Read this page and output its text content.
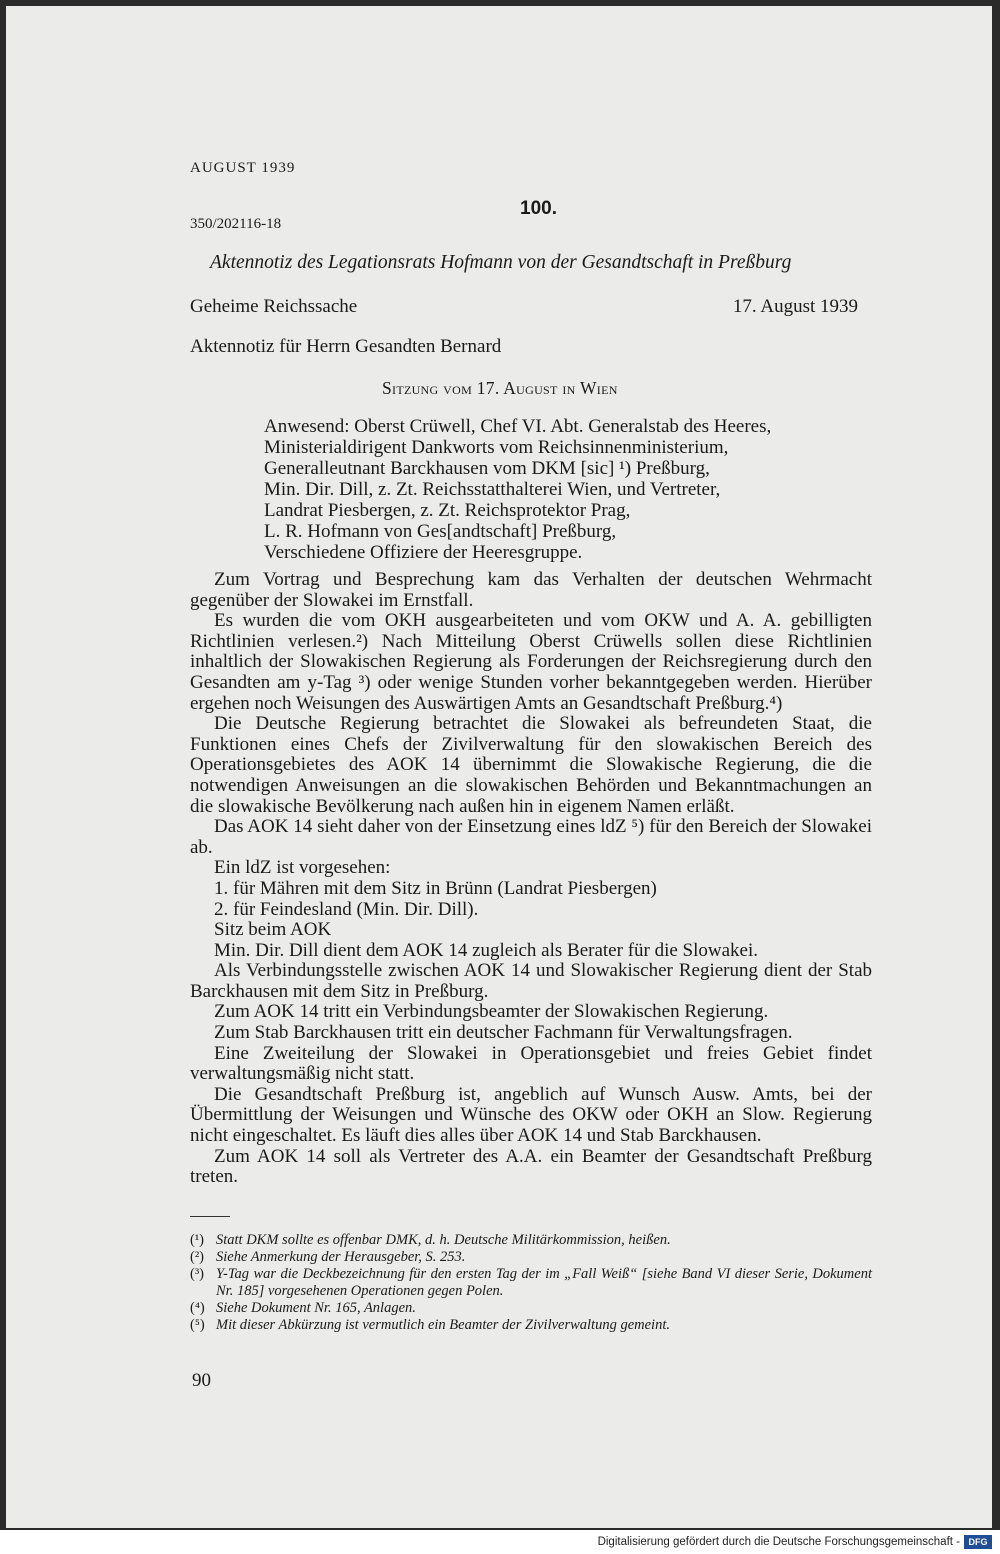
AUGUST 1939
100.
350/202116-18
Aktennotiz des Legationsrats Hofmann von der Gesandtschaft in Preßburg
Geheime Reichssache	17. August 1939
Aktennotiz für Herrn Gesandten Bernard
Sitzung vom 17. August in Wien
Anwesend: Oberst Crüwell, Chef VI. Abt. Generalstab des Heeres,
Ministerialdirigent Dankworts vom Reichsinnenministerium,
Generalleutnant Barckhausen vom DKM [sic] ¹) Preßburg,
Min. Dir. Dill, z. Zt. Reichsstatthalterei Wien, und Vertreter,
Landrat Piesbergen, z. Zt. Reichsprotektor Prag,
L. R. Hofmann von Ges[andtschaft] Preßburg,
Verschiedene Offiziere der Heeresgruppe.

Zum Vortrag und Besprechung kam das Verhalten der deutschen Wehrmacht gegenüber der Slowakei im Ernstfall.

Es wurden die vom OKH ausgearbeiteten und vom OKW und A. A. gebilligten Richtlinien verlesen.²) Nach Mitteilung Oberst Crüwells sollen diese Richtlinien inhaltlich der Slowakischen Regierung als Forderungen der Reichsregierung durch den Gesandten am y-Tag ³) oder wenige Stunden vorher bekanntgegeben werden. Hierüber ergehen noch Weisungen des Auswärtigen Amts an Gesandtschaft Preßburg.⁴)

Die Deutsche Regierung betrachtet die Slowakei als befreundeten Staat, die Funktionen eines Chefs der Zivilverwaltung für den slowakischen Bereich des Operationsgebietes des AOK 14 übernimmt die Slowakische Regierung, die die notwendigen Anweisungen an die slowakischen Behörden und Bekanntmachungen an die slowakische Bevölkerung nach außen hin in eigenem Namen erläßt.

Das AOK 14 sieht daher von der Einsetzung eines ldZ ⁵) für den Bereich der Slowakei ab.

Ein ldZ ist vorgesehen:

1. für Mähren mit dem Sitz in Brünn (Landrat Piesbergen)

2. für Feindesland (Min. Dir. Dill).

Sitz beim AOK

Min. Dir. Dill dient dem AOK 14 zugleich als Berater für die Slowakei.

Als Verbindungsstelle zwischen AOK 14 und Slowakischer Regierung dient der Stab Barckhausen mit dem Sitz in Preßburg.

Zum AOK 14 tritt ein Verbindungsbeamter der Slowakischen Regierung.

Zum Stab Barckhausen tritt ein deutscher Fachmann für Verwaltungsfragen.

Eine Zweiteilung der Slowakei in Operationsgebiet und freies Gebiet findet verwaltungsmäßig nicht statt.

Die Gesandtschaft Preßburg ist, angeblich auf Wunsch Ausw. Amts, bei der Übermittlung der Weisungen und Wünsche des OKW oder OKH an Slow. Regierung nicht eingeschaltet. Es läuft dies alles über AOK 14 und Stab Barckhausen.

Zum AOK 14 soll als Vertreter des A.A. ein Beamter der Gesandtschaft Preßburg treten.

(¹) Statt DKM sollte es offenbar DMK, d. h. Deutsche Militärkommission, heißen.
(²) Siehe Anmerkung der Herausgeber, S. 253.
(³) Y-Tag war die Deckbezeichnung für den ersten Tag der im „Fall Weiß“ [siehe Band VI dieser Serie, Dokument Nr. 185] vorgesehenen Operationen gegen Polen.
(⁴) Siehe Dokument Nr. 165, Anlagen.
(⁵) Mit dieser Abkürzung ist vermutlich ein Beamter der Zivilverwaltung gemeint.
90
Digitalisierung gefördert durch die Deutsche Forschungsgemeinschaft - DFG
